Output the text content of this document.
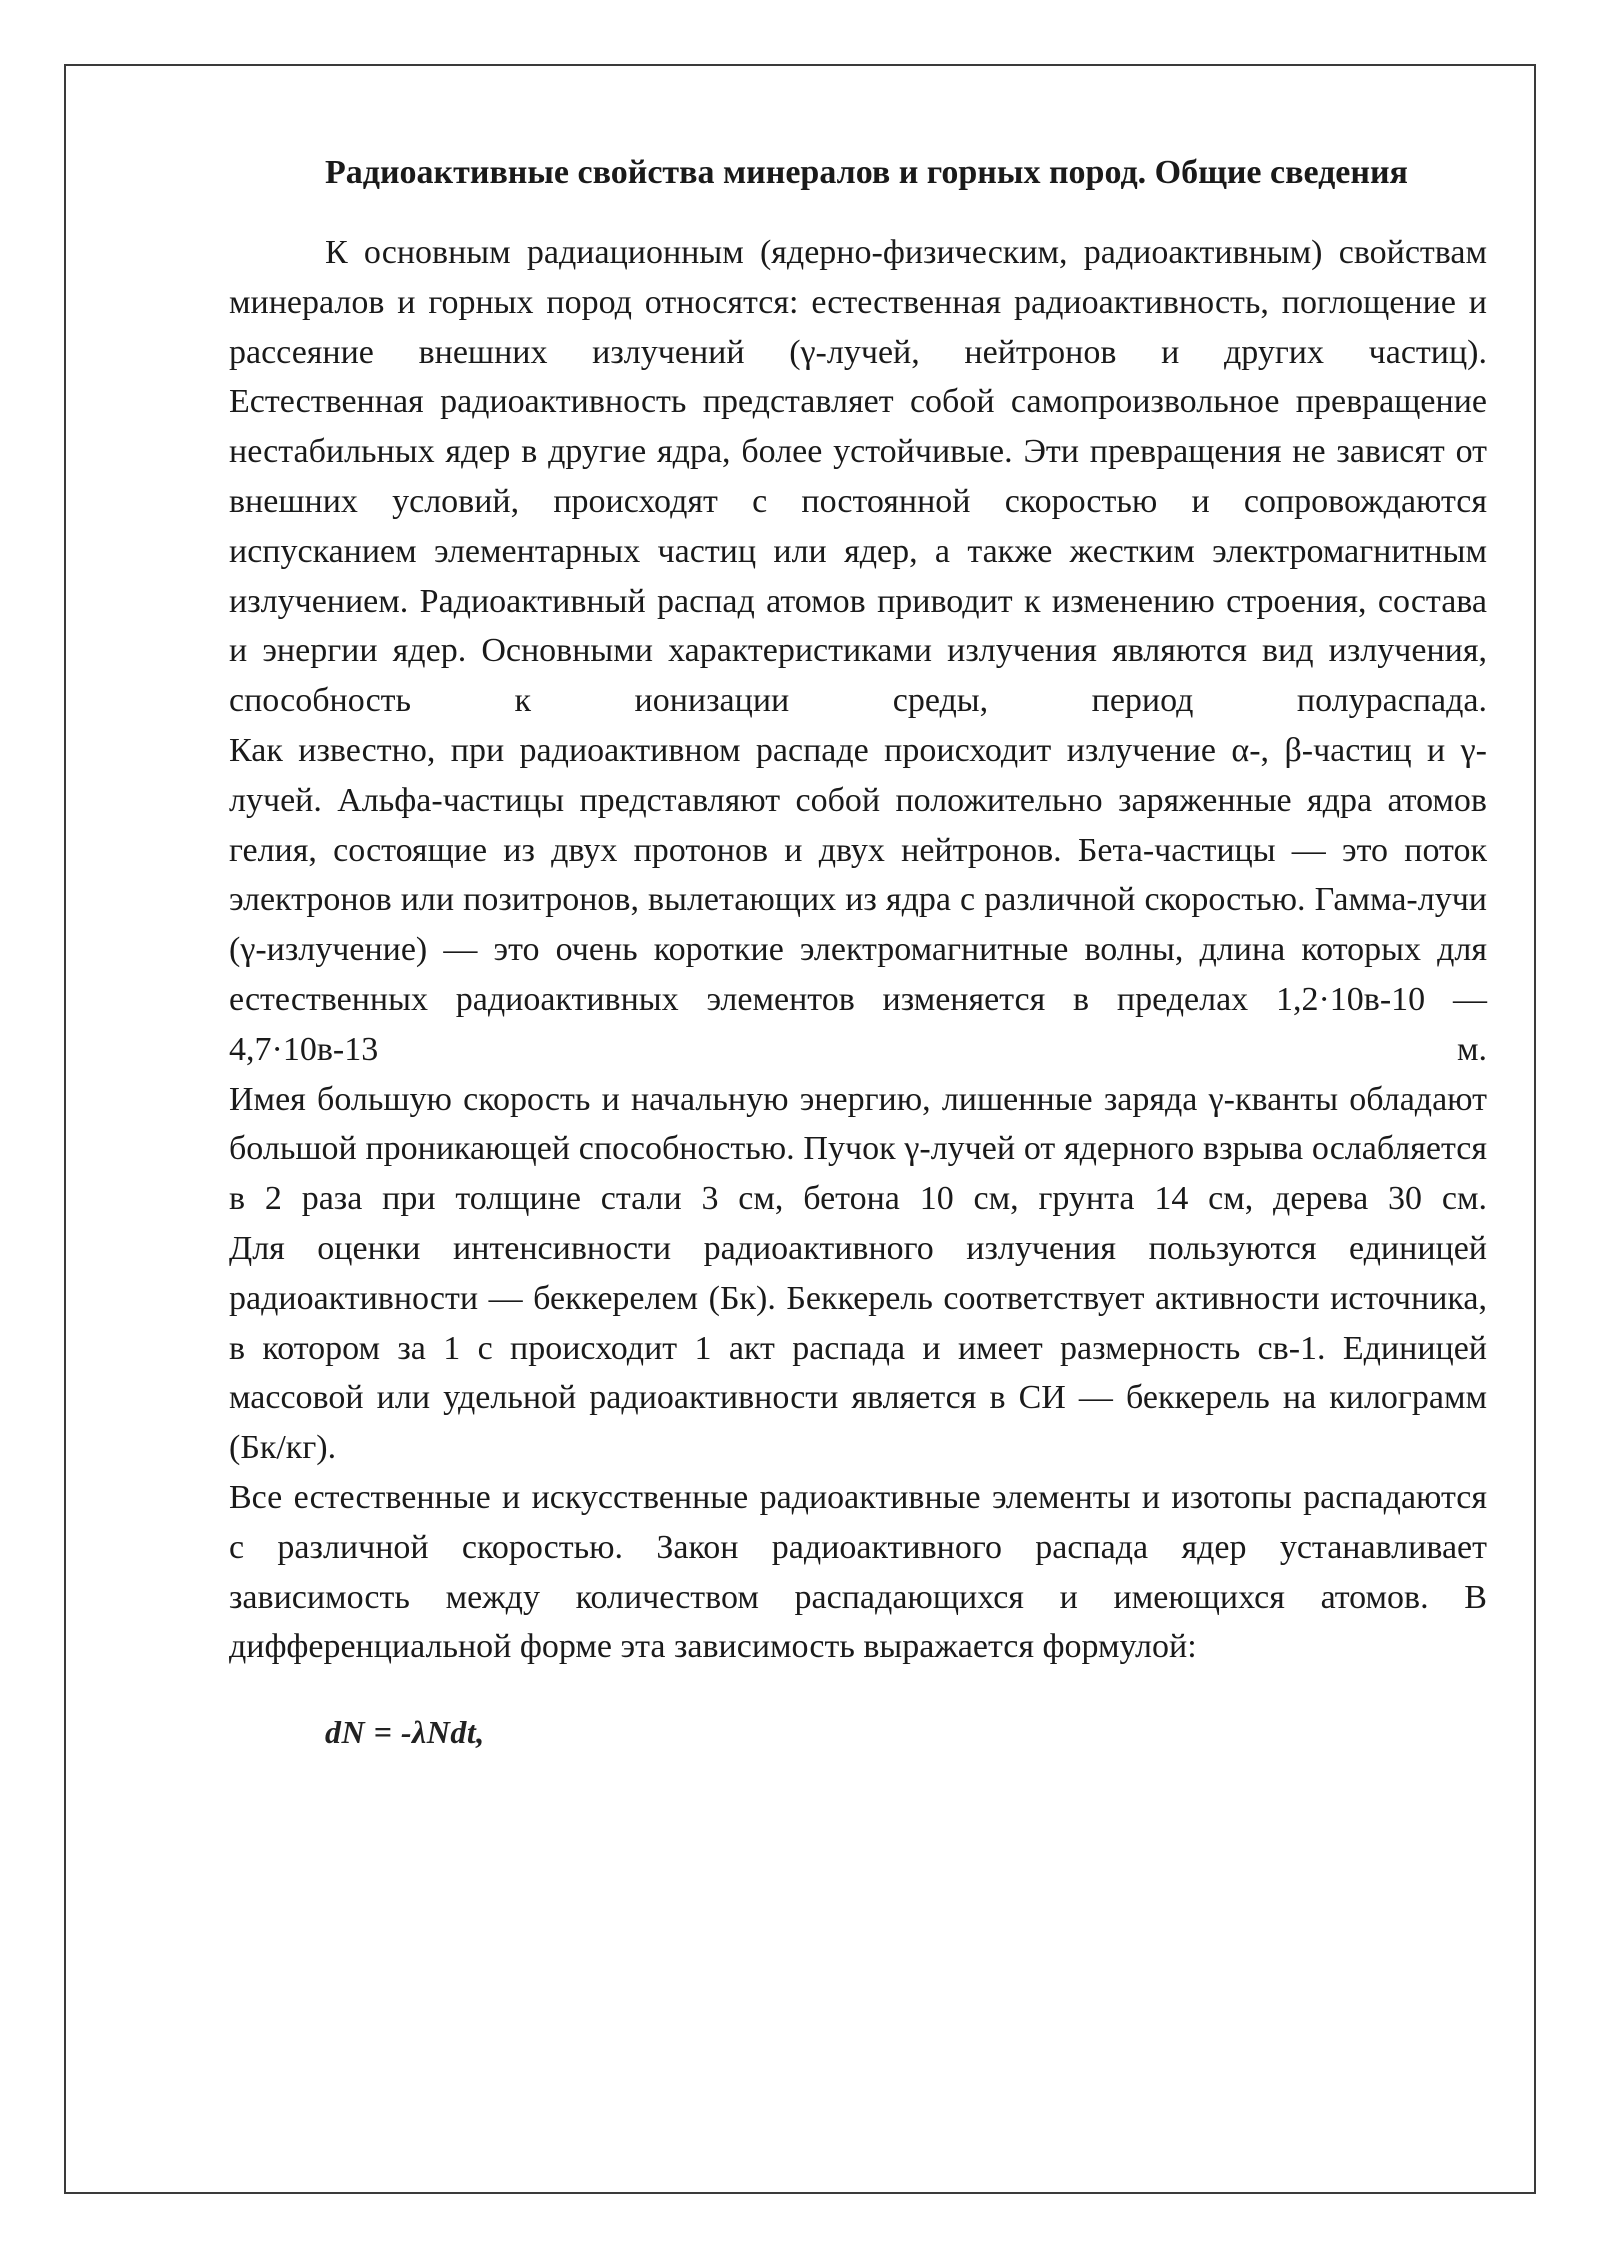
Радиоактивные свойства минералов и горных пород. Общие сведения

К основным радиационным (ядерно-физическим, радиоактивным) свойствам минералов и горных пород относятся: естественная радиоактивность, поглощение и рассеяние внешних излучений (γ-лучей, нейтронов и других частиц).

Естественная радиоактивность представляет собой самопроизвольное превращение нестабильных ядер в другие ядра, более устойчивые. Эти превращения не зависят от внешних условий, происходят с постоянной скоростью и сопровождаются испусканием элементарных частиц или ядер, а также жестким электромагнитным излучением. Радиоактивный распад атомов приводит к изменению строения, состава и энергии ядер. Основными характеристиками излучения являются вид излучения, способность к ионизации среды, период полураспада.

Как известно, при радиоактивном распаде происходит излучение α-, β-частиц и γ-лучей. Альфа-частицы представляют собой положительно заряженные ядра атомов гелия, состоящие из двух протонов и двух нейтронов. Бета-частицы — это поток электронов или позитронов, вылетающих из ядра с различной скоростью. Гамма-лучи (γ-излучение) — это очень короткие электромагнитные волны, длина которых для естественных радиоактивных элементов изменяется в пределах 1,2·10в-10 — 4,7·10в-13 м.

Имея большую скорость и начальную энергию, лишенные заряда γ-кванты обладают большой проникающей способностью. Пучок γ-лучей от ядерного взрыва ослабляется в 2 раза при толщине стали 3 см, бетона 10 см, грунта 14 см, дерева 30 см.

Для оценки интенсивности радиоактивного излучения пользуются единицей радиоактивности — беккерелем (Бк). Беккерель соответствует активности источника, в котором за 1 с происходит 1 акт распада и имеет размерность св-1. Единицей массовой или удельной радиоактивности является в СИ — беккерель на килограмм (Бк/кг).

Все естественные и искусственные радиоактивные элементы и изотопы распадаются с различной скоростью. Закон радиоактивного распада ядер устанавливает зависимость между количеством распадающихся и имеющихся атомов. В дифференциальной форме эта зависимость выражается формулой:

dN = -λNdt,
